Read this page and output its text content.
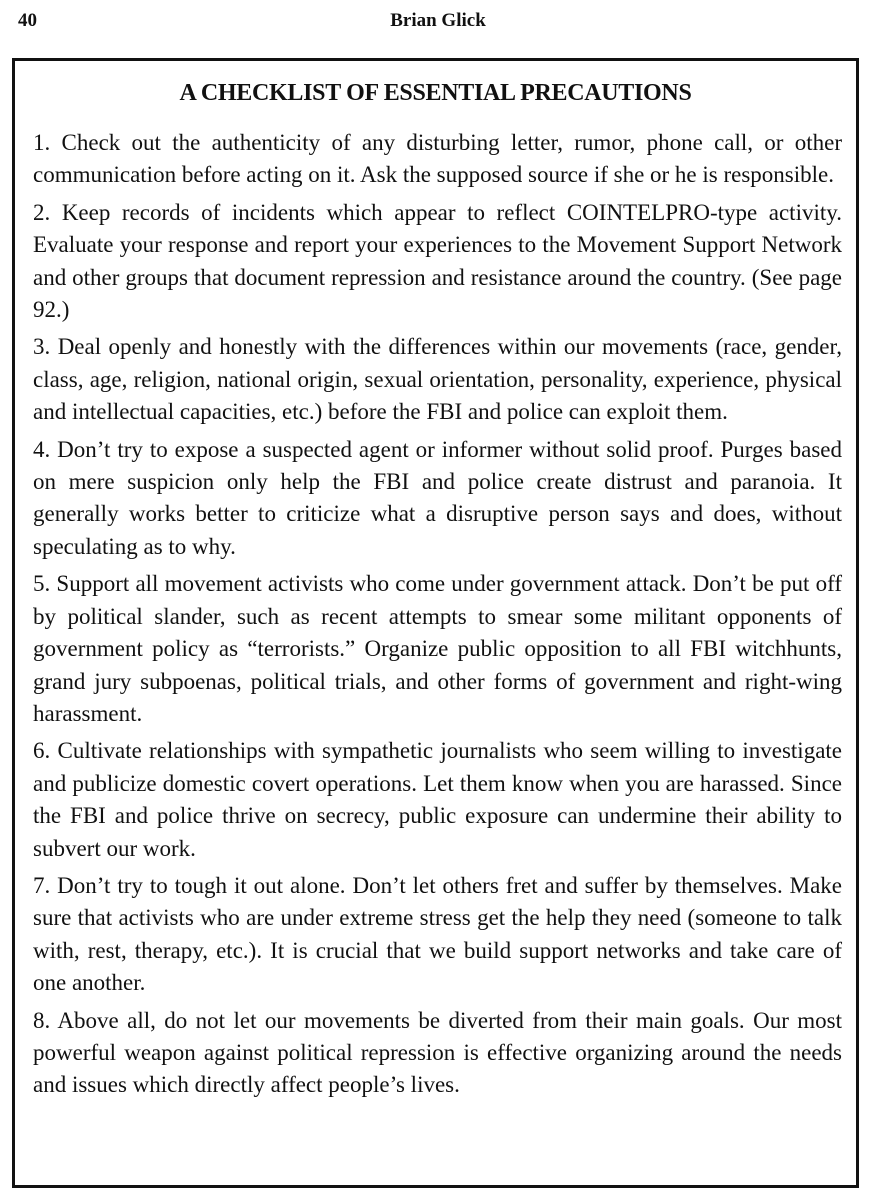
40	Brian Glick
A CHECKLIST OF ESSENTIAL PRECAUTIONS

1. Check out the authenticity of any disturbing letter, rumor, phone call, or other communication before acting on it. Ask the supposed source if she or he is responsible.

2. Keep records of incidents which appear to reflect COINTELPRO-type activity. Evaluate your response and report your experiences to the Movement Support Network and other groups that document repression and resistance around the country. (See page 92.)

3. Deal openly and honestly with the differences within our movements (race, gender, class, age, religion, national origin, sexual orientation, personality, experience, physical and intellectual capacities, etc.) before the FBI and police can exploit them.

4. Don’t try to expose a suspected agent or informer without solid proof. Purges based on mere suspicion only help the FBI and police create distrust and paranoia. It generally works better to criticize what a disruptive person says and does, without speculating as to why.

5. Support all movement activists who come under government attack. Don’t be put off by political slander, such as recent attempts to smear some militant opponents of government policy as “terrorists.” Organize public opposition to all FBI witchhunts, grand jury subpoenas, political trials, and other forms of government and right-wing harassment.

6. Cultivate relationships with sympathetic journalists who seem willing to investigate and publicize domestic covert operations. Let them know when you are harassed. Since the FBI and police thrive on secrecy, public exposure can undermine their ability to subvert our work.

7. Don’t try to tough it out alone. Don’t let others fret and suffer by themselves. Make sure that activists who are under extreme stress get the help they need (someone to talk with, rest, therapy, etc.). It is crucial that we build support networks and take care of one another.

8. Above all, do not let our movements be diverted from their main goals. Our most powerful weapon against political repression is effective organizing around the needs and issues which directly affect people’s lives.
